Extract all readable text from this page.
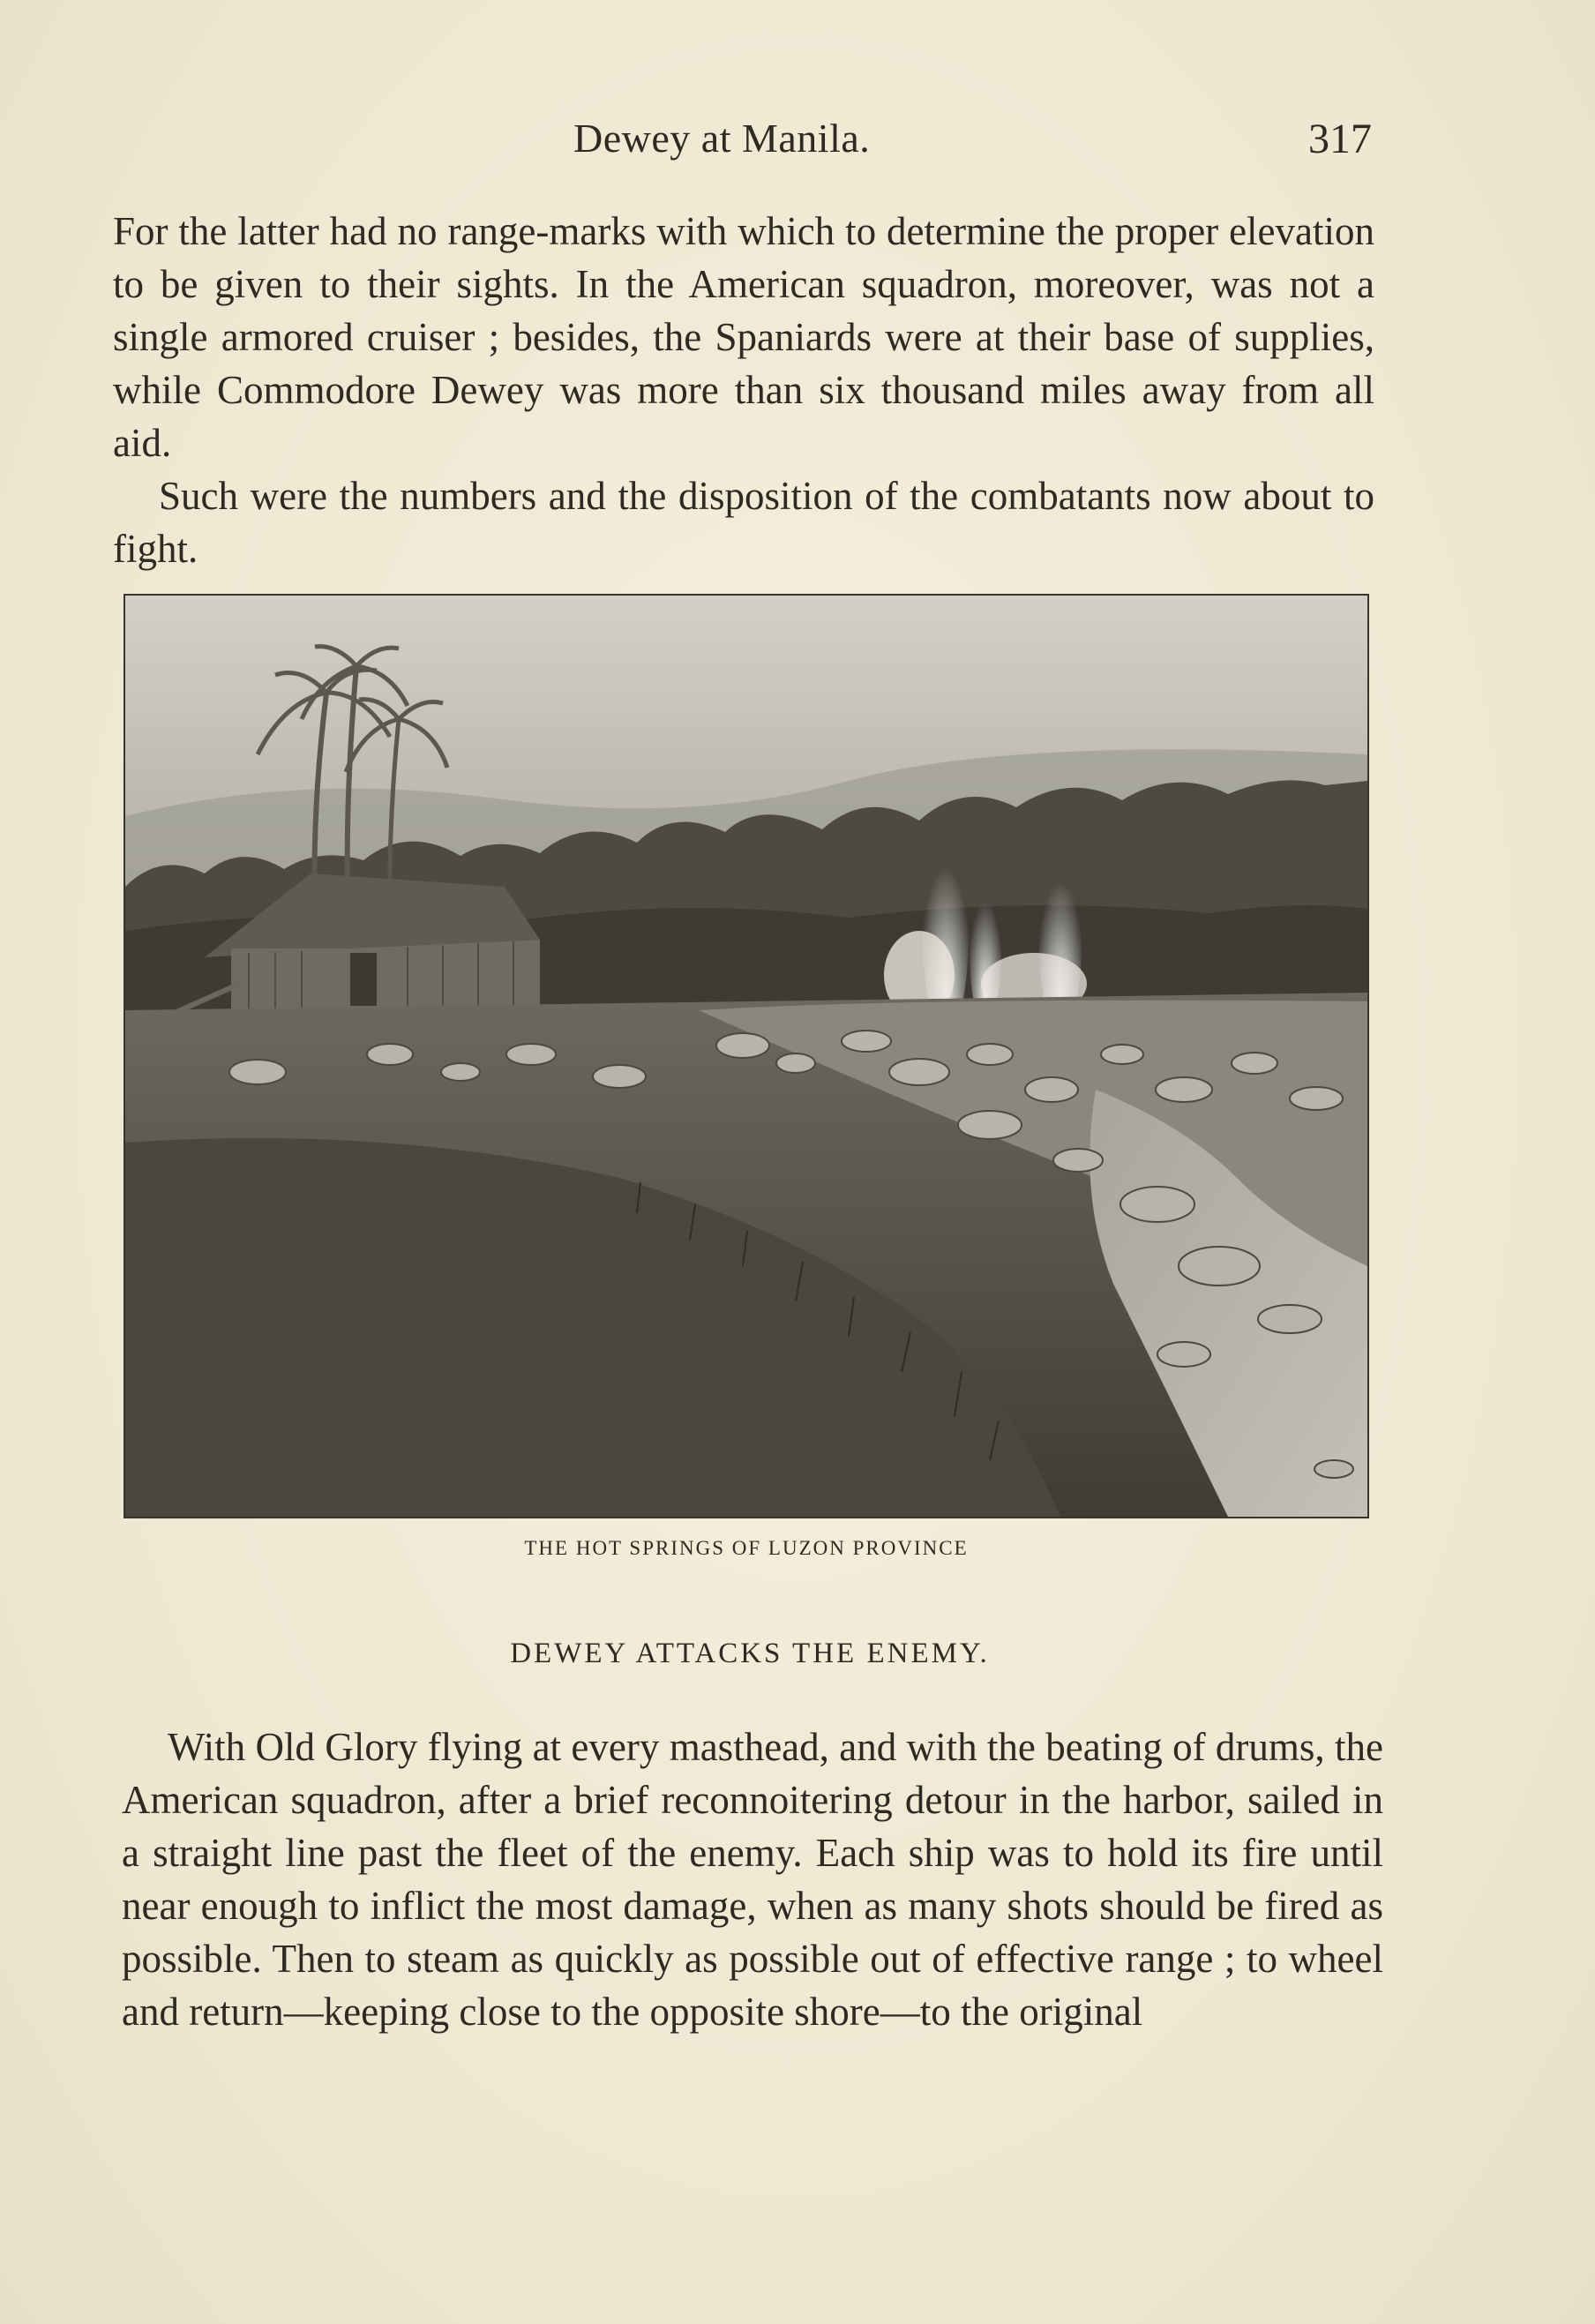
Dewey at Manila.	317

For the latter had no range-marks with which to determine the proper elevation to be given to their sights. In the American squadron, moreover, was not a single armored cruiser ; besides, the Spaniards were at their base of supplies, while Commodore Dewey was more than six thousand miles away from all aid.

Such were the numbers and the disposition of the combatants now about to fight.

THE HOT SPRINGS OF LUZON PROVINCE
DEWEY ATTACKS THE ENEMY.

With Old Glory flying at every masthead, and with the beating of drums, the American squadron, after a brief reconnoitering detour in the harbor, sailed in a straight line past the fleet of the enemy. Each ship was to hold its fire until near enough to inflict the most damage, when as many shots should be fired as possible. Then to steam as quickly as possible out of effective range ; to wheel and return—keeping close to the opposite shore—to the original
